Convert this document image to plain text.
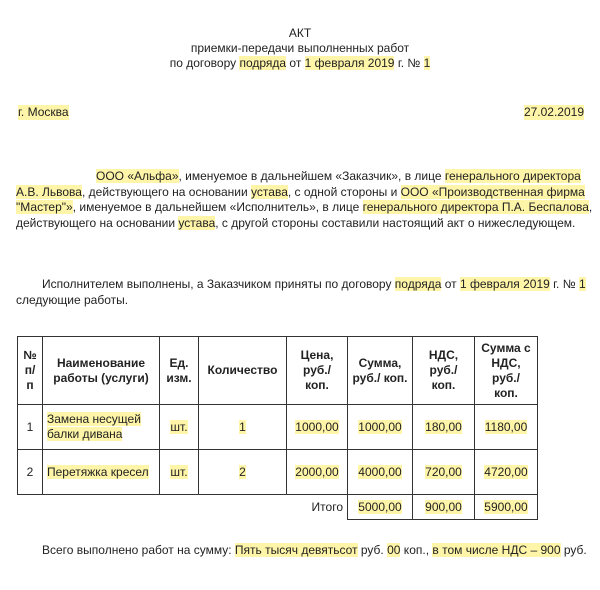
АКТ
приемки-передачи выполненных работ
по договору подряда от 1 февраля 2019 г. № 1
г. Москва	27.02.2019
ООО «Альфа», именуемое в дальнейшем «Заказчик», в лице генерального директора
А.В. Львова, действующего на основании устава, с одной стороны и ООО «Производственная фирма "Мастер"», именуемое в дальнейшем «Исполнитель», в лице генерального директора П.А. Беспалова, действующего на основании устава, с другой стороны составили настоящий акт о нижеследующем.
Исполнителем выполнены, а Заказчиком приняты по договору подряда от 1 февраля 2019 г. № 1 следующие работы.
№ п/ п	Наименование работы (услуги)	Ед. изм.	Количество	Цена, руб./ коп.	Сумма, руб./ коп.	НДС, руб./ коп.	Сумма с НДС, руб./ коп.
1	Замена несущей балки дивана	шт.	1	1000,00	1000,00	180,00	1180,00
2	Перетяжка кресел	шт.	2	2000,00	4000,00	720,00	4720,00
				Итого	5000,00	900,00	5900,00
Всего выполнено работ на сумму: Пять тысяч девятьсот руб. 00 коп., в том числе НДС – 900 руб.
